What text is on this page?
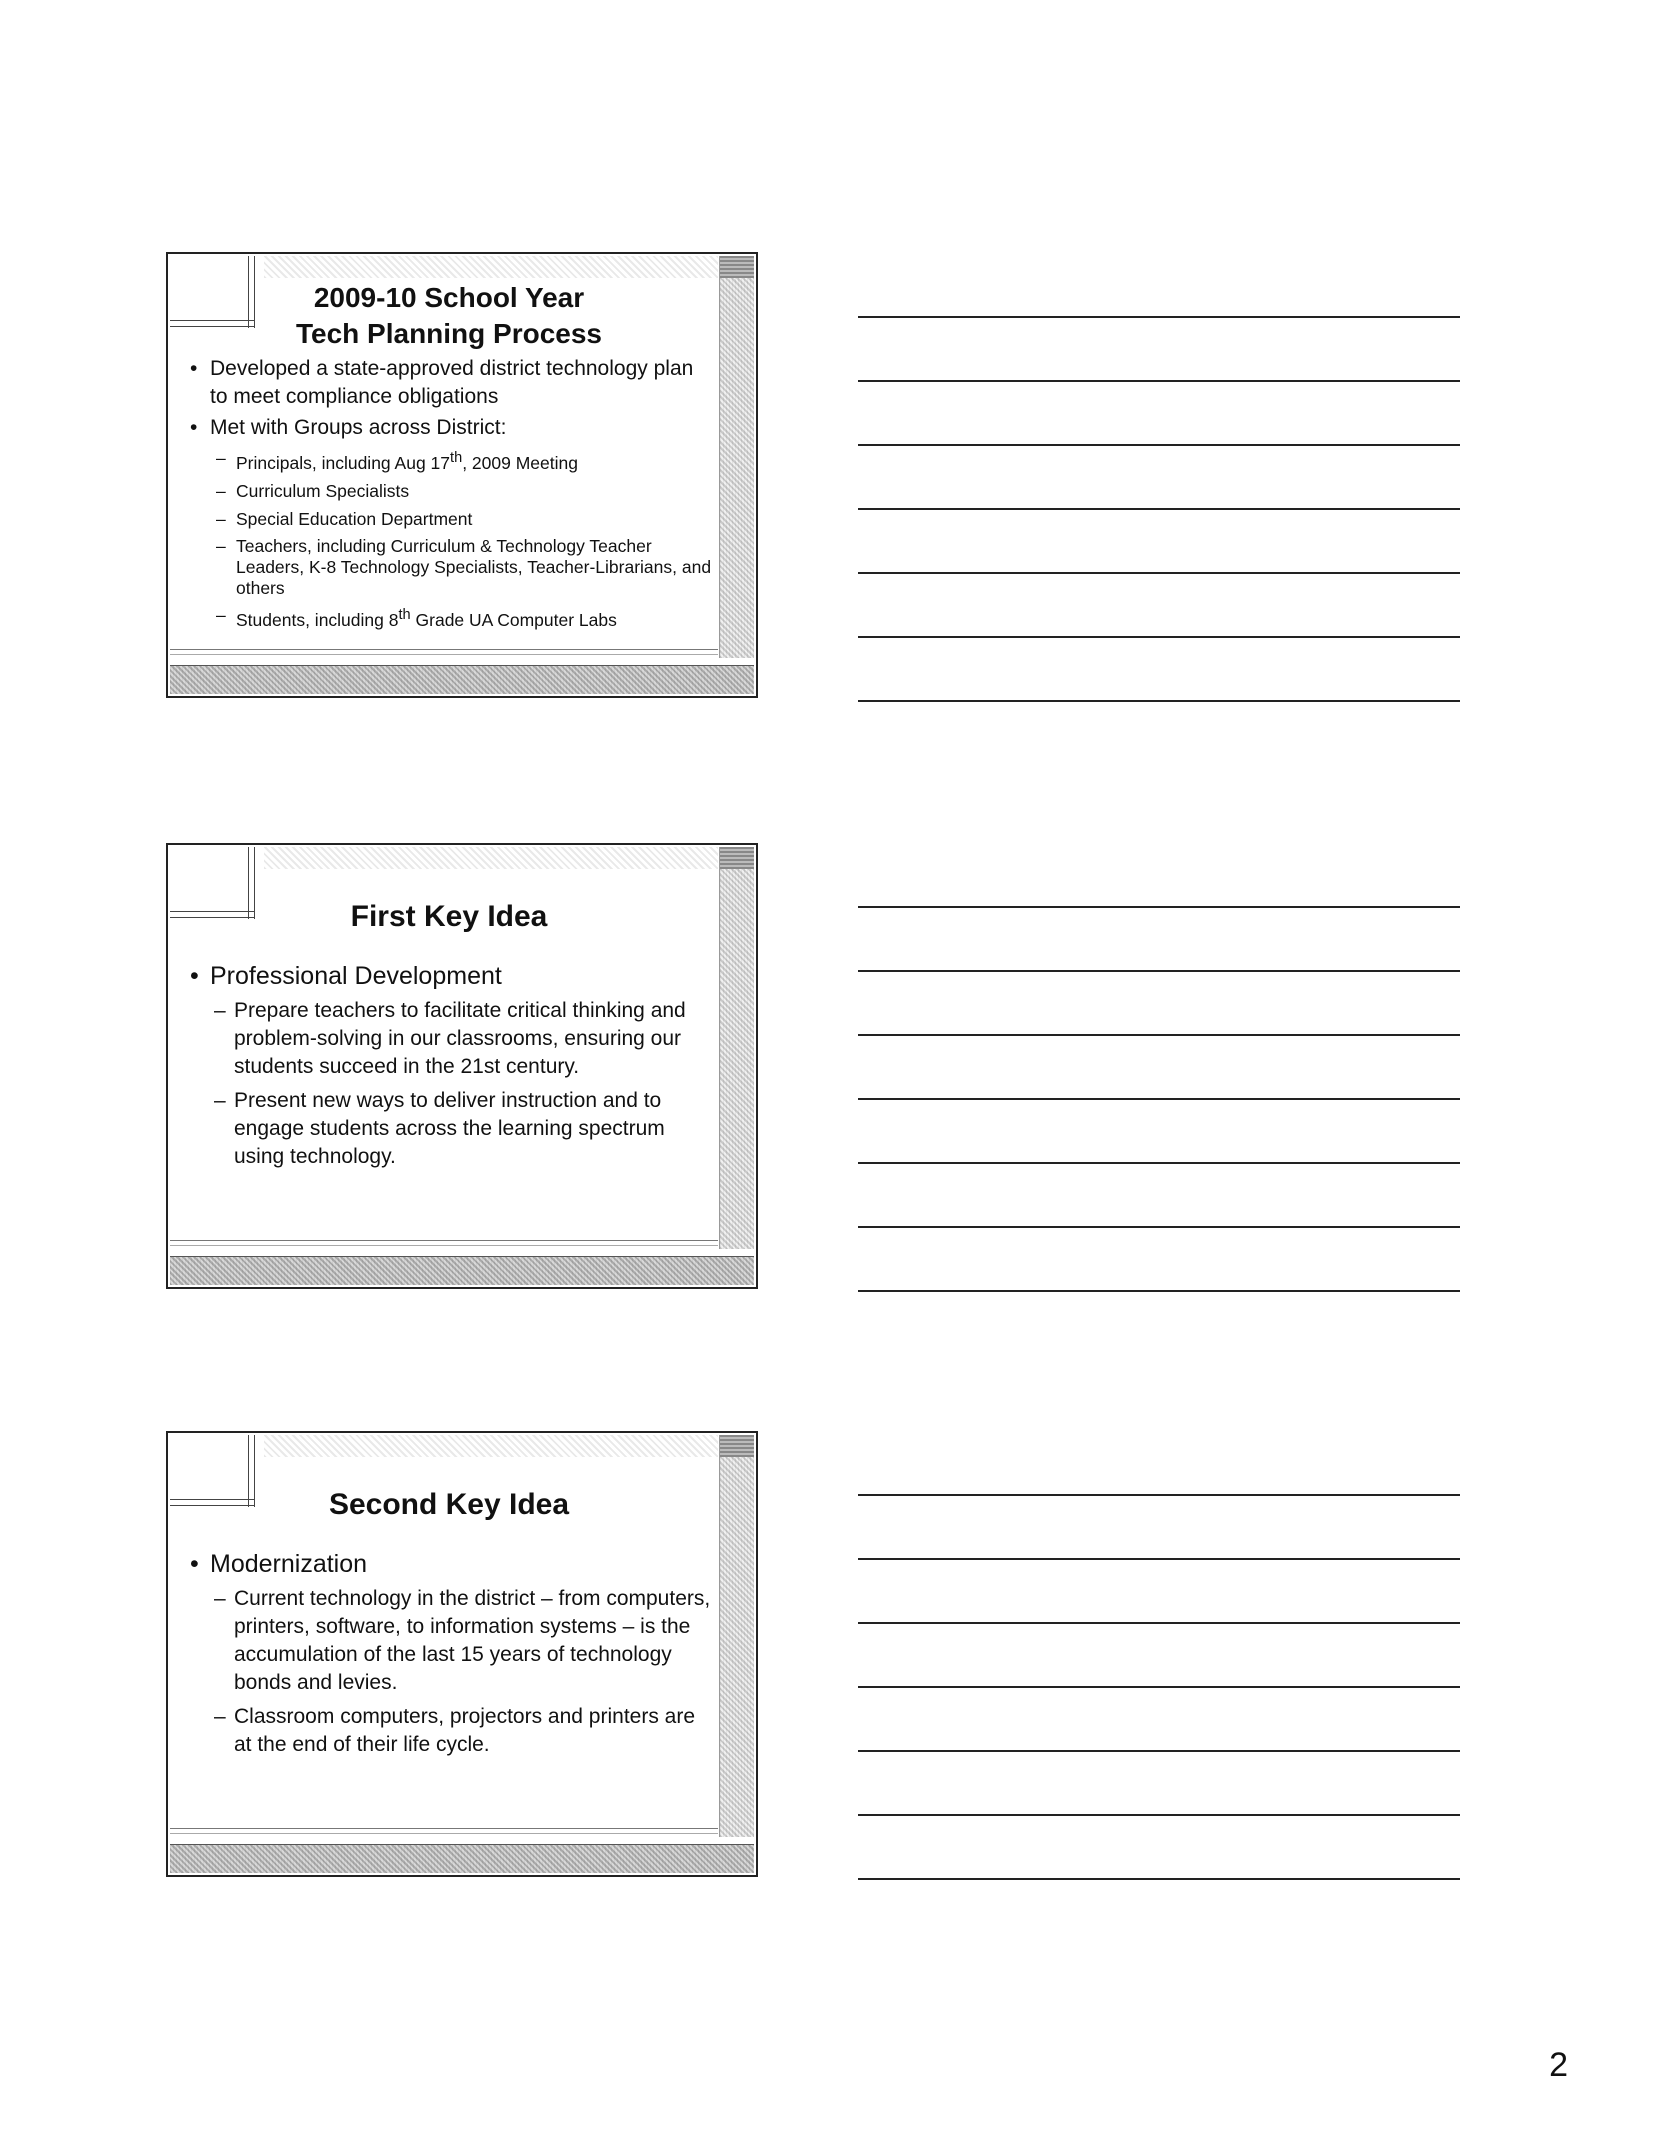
2009-10 School Year
Tech Planning Process
• Developed a state-approved district technology plan to meet compliance obligations
• Met with Groups across District:
– Principals, including Aug 17th, 2009 Meeting
– Curriculum Specialists
– Special Education Department
– Teachers, including Curriculum & Technology Teacher Leaders, K-8 Technology Specialists, Teacher-Librarians, and others
– Students, including 8th Grade UA Computer Labs
First Key Idea
• Professional Development
– Prepare teachers to facilitate critical thinking and problem-solving in our classrooms, ensuring our students succeed in the 21st century.
– Present new ways to deliver instruction and to engage students across the learning spectrum using technology.
Second Key Idea
• Modernization
– Current technology in the district – from computers, printers, software, to information systems – is the accumulation of the last 15 years of technology bonds and levies.
– Classroom computers, projectors and printers are at the end of their life cycle.
2
